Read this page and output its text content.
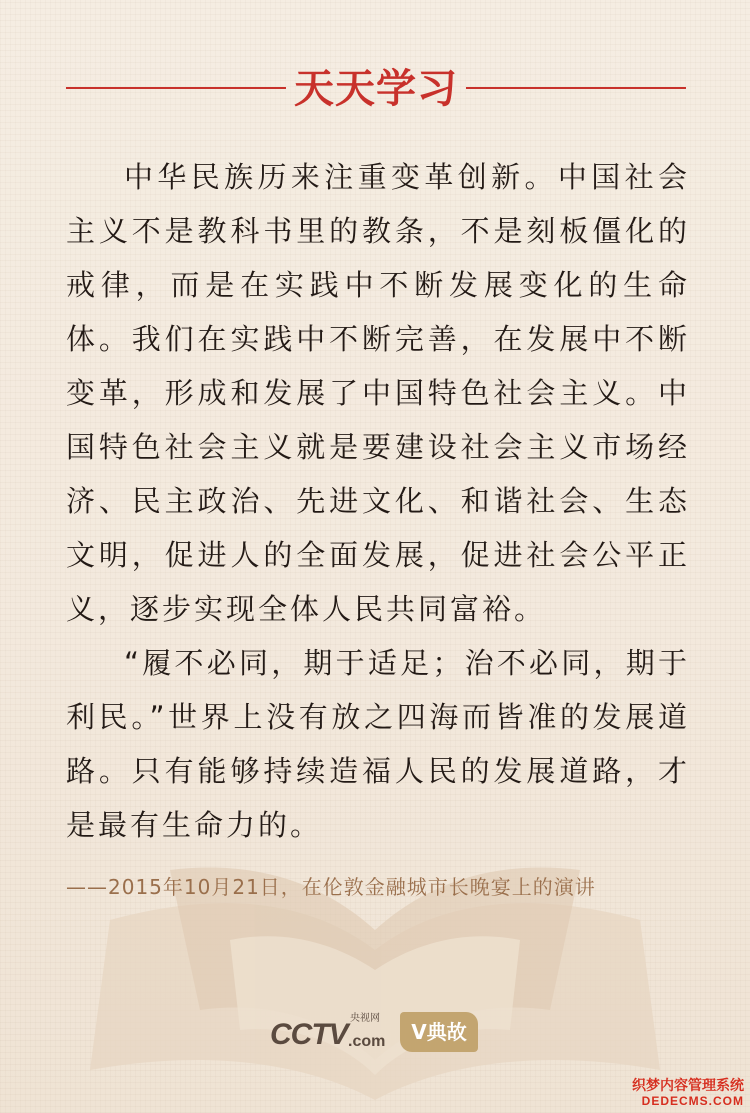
天天学习

中华民族历来注重变革创新。中国社会主义不是教科书里的教条，不是刻板僵化的戒律，而是在实践中不断发展变化的生命体。我们在实践中不断完善，在发展中不断变革，形成和发展了中国特色社会主义。中国特色社会主义就是要建设社会主义市场经济、民主政治、先进文化、和谐社会、生态文明，促进人的全面发展，促进社会公平正义，逐步实现全体人民共同富裕。

“履不必同，期于适足；治不必同，期于利民。”世界上没有放之四海而皆准的发展道路。只有能够持续造福人民的发展道路，才是最有生命力的。

——2015年10月21日，在伦敦金融城市长晚宴上的演讲

CCTV 央视网
.com	V典故
织梦内容管理系统
DEDECMS.COM
